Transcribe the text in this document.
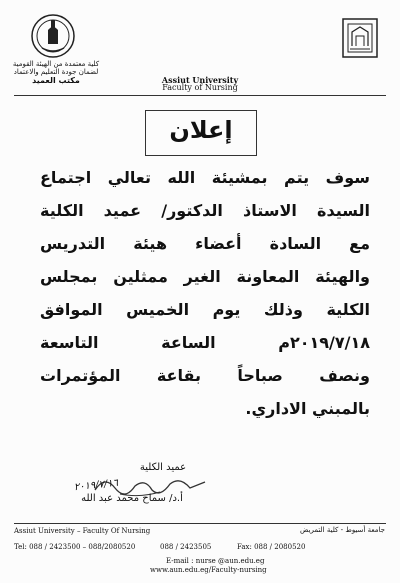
كلية معتمدة من الهيئة القومية
لضمان جودة التعليم والاعتماد
مكتب العميد	Assiut University
Faculty of Nursing
إعلان
سوف يتم بمشيئة الله تعالي اجتماع
السيدة الاستاذ الدكتور/ عميد الكلية
مع السادة أعضاء هيئة التدريس
والهيئة المعاونة الغير ممثلين بمجلس
الكلية وذلك يوم الخميس الموافق
٢٠١٩/٧/١٨م الساعة التاسعة
ونصف صباحاً بقاعة المؤتمرات
بالمبني الاداري.
عميد الكلية
٢٠١٩/٧/١٦
أ.د/ سماح محمد عبد الله
Assiut University – Faculty Of Nursing	جامعة أسيوط - كلية التمريض
Tel: 088 / 2423500 – 088/2080520	Fax: 088 / 2080520
088 / 2423505
E-mail : nurse @aun.edu.eg
www.aun.edu.eg/Faculty-nursing
